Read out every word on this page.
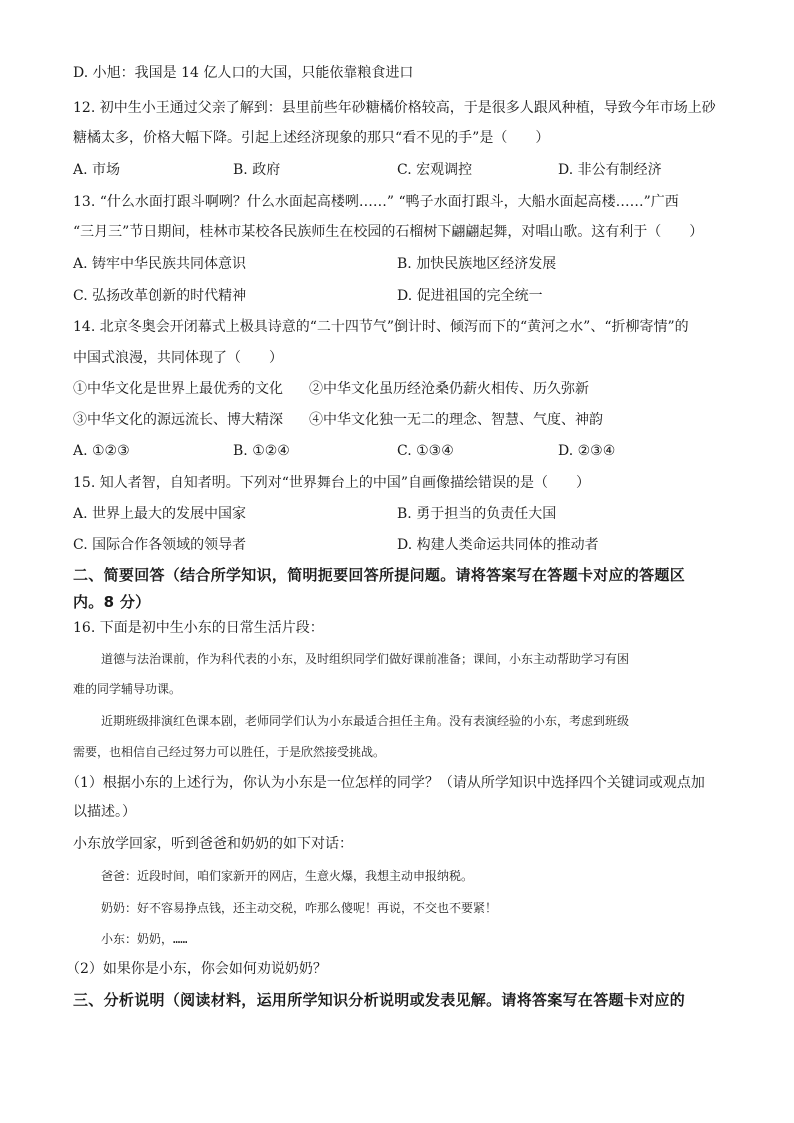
D. 小旭：我国是 14 亿人口的大国，只能依靠粮食进口
12. 初中生小王通过父亲了解到：县里前些年砂糖橘价格较高，于是很多人跟风种植，导致今年市场上砂
糖橘太多，价格大幅下降。引起上述经济现象的那只“看不见的手”是（　　）
A. 市场	B. 政府	C. 宏观调控	D. 非公有制经济
13. “什么水面打跟斗啊咧？什么水面起高楼咧……” “鸭子水面打跟斗，大船水面起高楼……”广西
“三月三”节日期间，桂林市某校各民族师生在校园的石榴树下翩翩起舞，对唱山歌。这有利于（　　）
A. 铸牢中华民族共同体意识	B. 加快民族地区经济发展
C. 弘扬改革创新的时代精神	D. 促进祖国的完全统一
14. 北京冬奥会开闭幕式上极具诗意的“二十四节气”倒计时、倾泻而下的“黄河之水”、“折柳寄情”的
中国式浪漫，共同体现了（　　）
①中华文化是世界上最优秀的文化 ②中华文化虽历经沧桑仍薪火相传、历久弥新
③中华文化的源远流长、博大精深 ④中华文化独一无二的理念、智慧、气度、神韵
A. ①②③	B. ①②④	C. ①③④	D. ②③④
15. 知人者智，自知者明。下列对“世界舞台上的中国”自画像描绘错误的是（　　）
A. 世界上最大的发展中国家	B. 勇于担当的负责任大国
C. 国际合作各领域的领导者	D. 构建人类命运共同体的推动者
二、简要回答（结合所学知识，简明扼要回答所提问题。请将答案写在答题卡对应的答题区
内。8 分）
16. 下面是初中生小东的日常生活片段：
道德与法治课前，作为科代表的小东，及时组织同学们做好课前准备；课间，小东主动帮助学习有困
难的同学辅导功课。
近期班级排演红色课本剧，老师同学们认为小东最适合担任主角。没有表演经验的小东，考虑到班级
需要，也相信自己经过努力可以胜任，于是欣然接受挑战。
（1）根据小东的上述行为，你认为小东是一位怎样的同学？（请从所学知识中选择四个关键词或观点加
以描述。）
小东放学回家，听到爸爸和奶奶的如下对话：
爸爸：近段时间，咱们家新开的网店，生意火爆，我想主动申报纳税。
奶奶：好不容易挣点钱，还主动交税，咋那么傻呢！再说，不交也不要紧！
小东：奶奶，……
（2）如果你是小东，你会如何劝说奶奶？
三、分析说明（阅读材料，运用所学知识分析说明或发表见解。请将答案写在答题卡对应的
